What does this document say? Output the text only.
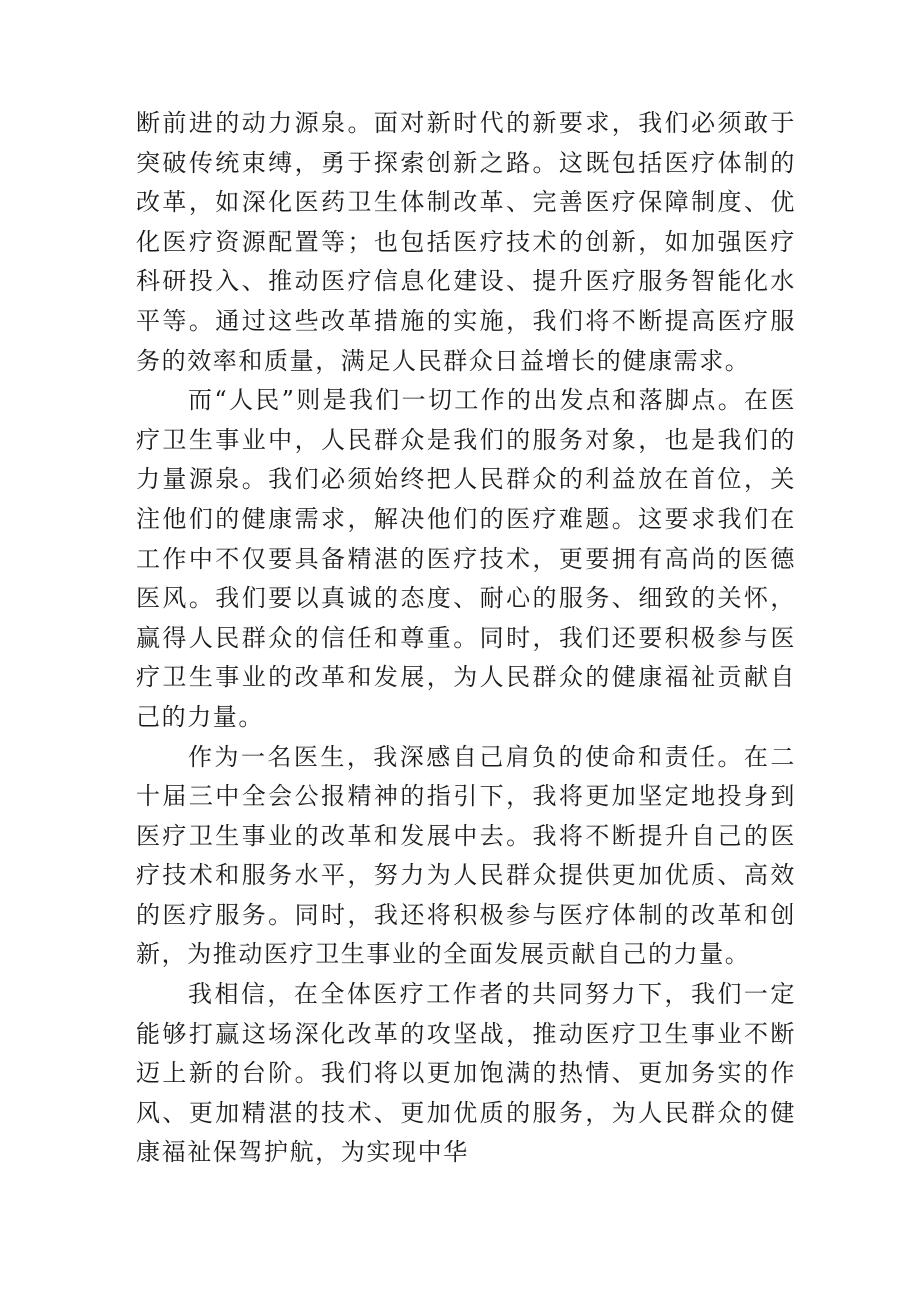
断前进的动力源泉。面对新时代的新要求，我们必须敢于突破传统束缚，勇于探索创新之路。这既包括医疗体制的改革，如深化医药卫生体制改革、完善医疗保障制度、优化医疗资源配置等；也包括医疗技术的创新，如加强医疗科研投入、推动医疗信息化建设、提升医疗服务智能化水平等。通过这些改革措施的实施，我们将不断提高医疗服务的效率和质量，满足人民群众日益增长的健康需求。

而“人民”则是我们一切工作的出发点和落脚点。在医疗卫生事业中，人民群众是我们的服务对象，也是我们的力量源泉。我们必须始终把人民群众的利益放在首位，关注他们的健康需求，解决他们的医疗难题。这要求我们在工作中不仅要具备精湛的医疗技术，更要拥有高尚的医德医风。我们要以真诚的态度、耐心的服务、细致的关怀，赢得人民群众的信任和尊重。同时，我们还要积极参与医疗卫生事业的改革和发展，为人民群众的健康福祉贡献自己的力量。

作为一名医生，我深感自己肩负的使命和责任。在二十届三中全会公报精神的指引下，我将更加坚定地投身到医疗卫生事业的改革和发展中去。我将不断提升自己的医疗技术和服务水平，努力为人民群众提供更加优质、高效的医疗服务。同时，我还将积极参与医疗体制的改革和创新，为推动医疗卫生事业的全面发展贡献自己的力量。

我相信，在全体医疗工作者的共同努力下，我们一定能够打赢这场深化改革的攻坚战，推动医疗卫生事业不断迈上新的台阶。我们将以更加饱满的热情、更加务实的作风、更加精湛的技术、更加优质的服务，为人民群众的健康福祉保驾护航，为实现中华
